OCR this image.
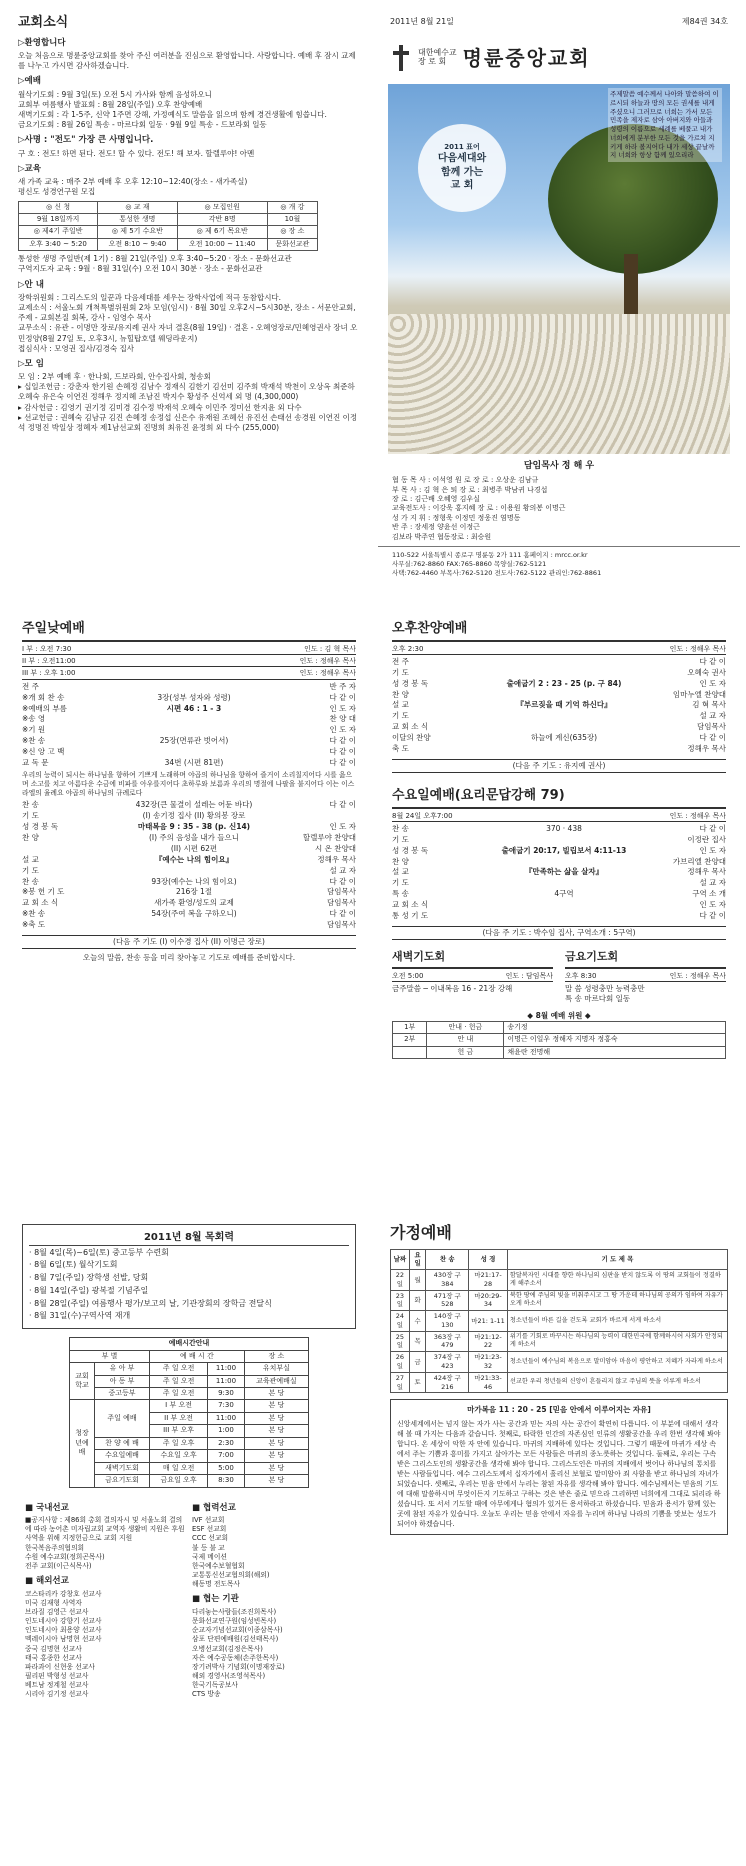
교회소식
▷환영합니다
오늘 처음으로 명륜중앙교회를 찾아 주신 여러분을 진심으로 환영합니다. 사랑합니다. 예배 후 잠시 교제를 나누고 가시면 감사하겠습니다.
▷예배
월삭기도회 : 9월 3일(토) 오전 5시 가사와 함께 음성하오니
교회부 여름행사 발표회 : 8월 28일(주일) 오후 찬양예배
새벽기도회 : 각 1-5주, 신약 1주면 강해, 가정예식도 말씀을 읽으며 함께 경건생활에 힘씁니다.
금요기도회 : 8월 26일 특송 - 마르다회 일동 · 9월 9일 특송 - 드보라회 일동
▷사명 : "전도" 가장 큰 사명입니다.
구 호 : 전도! 하면 된다. 전도! 할 수 있다. 전도! 해 보자. 할렐루야! 아멘
▷교육
새 가족 교육 : 매주 2부 예배 후 오후 12:10~12:40(장소 - 새가족실)
평신도 성경연구원 모집
◎ 신 청	◎ 교 재	◎ 모집인원	◎ 개 강
9월 18일까지	통성한 생명	각반 8명	10월
◎ 제4기 주일반	◎ 제 5기 수요반	◎ 제 6기 목요반	◎ 장 소
오후 3:40 ~ 5:20	오전 8:10 ~ 9:40	오전 10:00 ~ 11:40	문화선교관
통성한 생명 주일반(제 1기) : 8월 21일(주일) 오후 3:40~5:20 · 장소 - 문화선교관
구역지도자 교육 : 9월 · 8월 31일(수) 오전 10시 30분 · 장소 - 문화선교관
▷안 내
장학위원회 : 그리스도의 일꾼과 다음세대를 세우는 장학사업에 적극 동참합시다.
교제소식 : 서울노회 개척특별위원회 2차 모임(임시) · 8월 30일 오후2시~5시30분, 장소 - 서문안교회, 주제 - 교회본질 회복, 강사 - 임영수 목사
교무소식 : 유관 - 이명만 장로/유지례 권사 자녀 결혼(8월 19일) · 결혼 - 오혜영장로/민혜영권사 장녀 오민정양(8월 27일 토, 오후3시, 뉴힐탑호텔 웨딩라운지)
접심식사 : 모영권 집사/김경숙 집사
▷모 임
모 임 : 2부 예배 후 · 한나회, 드보라회, 안수집사회, 청송회
▸ 십일조헌금 : 강춘자 한기원 손혜정 김남수 정재식 김한기 김선미 김주희 박재석 박천이 오상옥 최준하 오혜숙 유은숙 이연진 정해우 정지혜 조남진 박지수 황성주 신억세 외 명 (4,300,000)
▸ 감사헌금 : 김영기 권기정 김미경 김수정 박재석 오혜숙 이민주 정미선 한지윤 외 다수
▸ 선교헌금 : 권혜숙 김남규 김진 손혜정 송정섭 신은수 유재원 조혜선 유진선 손태선 송경원 이연진 이정석 정명진 박일상 정혜자 제1남선교회 진명희 최유진 윤정희 외 다수 (255,000)
2011년 8월 21일	제84권 34호
대한예수교
장 로 회 명륜중앙교회
2011 표어
다음세대와
함께 가는
교 회
주제말씀 예수께서 나아와 말씀하여 이르시되 하늘과 땅의 모든 권세를 내게 주셨으니 그러므로 너희는 가서 모든 민족을 제자로 삼아 아버지와 아들과 성령의 이름으로 세례를 베풀고 내가 너희에게 분부한 모든 것을 가르쳐 지키게 하라 볼지어다 내가 세상 끝날까지 너희와 항상 함께 있으리라
담임목사 정 해 우
협 동 목 사 : 이석영 원 로 장 로 : 오상운 김남규
부 목 사 : 김 혁 은 퇴 장 로 : 최병주 박남귀 나경섭
장 로 : 김근배 오혜영 김우실
교육전도사 : 이강욱 홍지혜 장 로 : 이용원 황의봉 이명근
성 가 지 휘 : 정형욱 이정민 정웅진 염명동
반 주 : 장세정 양윤선 이정근
김보라 박주연 협동장로 : 최승원
110-522 서울특별시 종로구 명륜동 2가 111 홈페이지 : mrcc.or.kr
사무실:762-8860 FAX:765-8860 목양실:762-5121
사택:762-4460 부목사:762-5120 전도사:762-5122 관리인:762-8861
주일낮예배
I 부 : 오전 7:30	인도 : 김 혁 목사
II 부 : 오전11:00	인도 : 정해우 목사
III 부 : 오후 1:00	인도 : 정해우 목사
전 주	반 주 자
※개 회 찬 송	3장(성부 성자와 성령)	다 같 이
※예배의 부름	시편 46 : 1 - 3	인 도 자
※송 영	찬 양 대
※기 원	인 도 자
※찬 송	25장(면류관 벗어서)	다 같 이
※신 앙 고 백	다 같 이
교 독 문	34번 (시편 81편)	다 같 이
우리의 능력이 되시는 하나님을 향하여 기쁘게 노래하며 야곱의 하나님을 향하여 즐거이 소리칠지어다 시를 읊으며 소고를 치고 아름다운 수금에 비파를 아우를지어다 초하루와 보름과 우리의 명절에 나팔을 불지어다 이는 이스라엘의 율례요 야곱의 하나님의 규례로다
찬 송	432장(큰 물결이 설레는 어둔 바다)	다 같 이
기 도	(I) 송기정 집사 (II) 황의봉 장로
성 경 봉 독	마태복음 9 : 35 - 38 (p. 신14)	인 도 자
찬 양	(I) 주의 음성을 내가 들으니	할렐루야 찬양대
(II) 시편 62편	시 온 찬양대
설 교	『예수는 나의 힘이요』	정해우 목사
기 도	설 교 자
찬 송	93장(예수는 나의 힘이요)	다 같 이
※봉 헌 기 도	216장 1절	담임목사
교 회 소 식	새가족 환영/성도의 교제	담임목사
※찬 송	54장(주여 복을 구하오니)	다 같 이
※축 도	담임목사
(다음 주 기도 (I) 이수경 집사 (II) 이명근 장로)
오늘의 말씀, 찬송 등을 미리 찾아놓고 기도로 예배를 준비합시다.
오후찬양예배
오후 2:30	인도 : 정해우 목사
전 주	다 같 이
기 도	오혜숙 권사
성 경 봉 독	출애굽기 2 : 23 - 25 (p. 구 84)	인 도 자
찬 양	임마누엘 찬양대
설 교	『부르짖을 때 기억 하신다』	김 혁 목사
기 도	설 교 자
교 회 소 식	담임목사
이달의 찬양	하늘에 계신(635장)	다 같 이
축 도	정해우 목사
(다음 주 기도 : 유지예 권사)
수요일예배(요리문답강해 79)
8월 24일 오후7:00	인도 : 정해우 목사
찬 송	370 · 438	다 같 이
기 도	이정란 집사
성 경 봉 독	출애굽기 20:17, 빌립보서 4:11-13	인 도 자
찬 양	가브리엘 찬양대
설 교	『만족하는 삶을 살자』	정해우 목사
기 도	설 교 자
특 송	4구역	구역 소 개
교 회 소 식	인 도 자
통 성 기 도	다 같 이
(다음 주 기도 : 박수임 집사, 구역소개 : 5구역)
새벽기도회
오전 5:00	인도 : 담임목사
금주말씀 ─ 이내복음 16 - 21장 강해
금요기도회
오후 8:30	인도 : 정해우 목사
말 씀 성령충만 능력충만
특 송 마르다회 일동
◆ 8월 예배 위원 ◆
1부	안내 · 헌금	송기정
2부	안 내	이명근 이일우 정해자 지명자 정홍숙
	헌 금	채윤란 전명해
2011년 8월 목회력
· 8월 4일(목)~6일(토) 중고등부 수련회
· 8월 6일(토) 월삭기도회
· 8월 7일(주일) 장학생 선발, 당회
· 8월 14일(주일) 광복절 기념주일
· 8월 28일(주일) 여름행사 평가/보고의 날, 기관장회의 장학금 전달식
· 8월 31일(수)구역사역 재개
예배시간안내				
부 별		예 배 시 간		장 소
교회학교	유 아 부	주 일 오전	11:00	유치부실
	아 동 부	주 일 오전	11:00	교육관예배실
	중고등부	주 일 오전	9:30	본 당
청장년예배	주일 예배	I 부 오전	7:30	본 당
		II 부 오전	11:00	본 당
		III 부 오후	1:00	본 당
	찬 양 예 배	주 일 오후	2:30	본 당
	수요일예배	수요일 오후	7:00	본 당
	새벽기도회	매 일 오전	5:00	본 당
	금요기도회	금요일 오후	8:30	본 당
■ 국내선교
■공지사항 : 제86회 총회 결의자시 및 서울노회 결의에 따라 농어촌 미자립교회 교역자 생활비 지원은 후원 사역을 위해 지정헌금으로 교회 지원
한국복음주의협의회
수원 예수교회(정희곤목사)
전주 교회(이근식목사)
■ 해외선교
코스타리카 강창호 선교사
미국 김재형 사역자
브라질 김영근 선교사
인도네시아 강향기 선교사
인도네시아 최용양 선교사
멕레이시아 남명현 선교사
중국 김명현 선교사
태국 홍종한 선교사
파라과이 신현웅 선교사
필리핀 박형성 선교사
베트남 정계철 선교사
시리아 김기정 선교사

■ 협력선교
IVF 선교회
ESF 선교회
CCC 선교회
불 등 불 교
국제 메이션
한국예수보혈협회
교통통신선교협의회(해외)
해동명 전도목사
■ 협는 기관
다리놓는사람들(조진희목사)
문화선교연구원(임성빈목사)
순교자기념선교회(이종삼목사)
삼포 단편예배원(김선태목사)
오병선교회(김정은목사)
자은 예수공동체(손주한목사)
장기려박사 기념회(이명재장로)
해외 경영사(조영석목사)
한국기독공보사
CTS 방송
가정예배
날짜	요일	찬 송	성 경	기 도 제 목
22일	월	430장 구 384	마21:17-28	함달복자인 시대를 향한 하나님의 심판을 받지 않도록 이 땅의 교회들이 정결하게 해주소서
23일	화	471장 구 528	마20:29-34	북한 땅에 주님의 빛을 비춰주시고 그 땅 가운데 하나님의 공의가 임하여 자유가 오게 하소서
24일	수	140장 구 130	마21: 1-11	청소년들이 바른 길을 걷도록 교회가 바르게 서게 하소서
25일	목	363장 구 479	마21:12-22	위기를 기회로 바꾸시는 하나님의 능력이 대한민국에 함께하시어 사회가 안정되게 하소서
26일	금	374장 구 423	마21:23-32	청소년들이 예수님의 복음으로 말미암아 마음이 평안하고 지혜가 자라게 하소서
27일	토	424장 구 216	마21:33-46	선교한 우리 청년들의 신앙이 흔들리지 않고 주님의 뜻을 이루게 하소서
마가복음 11 : 20 - 25 [믿음 안에서 이루어지는 자유]
신앙세계에서는 넘지 않는 자가 사는 공간과 믿는 자의 사는 공간이 확연히 다릅니다. 이 부분에 대해서 생각해 볼 때 가지는 다음과 같습니다. 첫째로, 타락한 인간의 자존심인 인류의 생활공간을 우리 한번 생각해 봐야 합니다. 온 세상이 악한 자 안에 있습니다. 마귀의 지배하에 있다는 것입니다. 그렇기 때문에 마귀가 세상 속에서 주는 기쁨과 흥미를 가지고 살아가는 모든 사람들은 마귀의 종노릇하는 것입니다. 둘째로, 우리는 구속받은 그리스도인의 생활공간을 생각해 봐야 합니다. 그리스도인은 마귀의 지배에서 벗어나 하나님의 통치를 받는 사람들입니다. 예수 그리스도께서 십자가에서 흘리신 보혈로 말미암아 죄 사함을 받고 하나님의 자녀가 되었습니다. 셋째로, 우리는 믿음 안에서 누리는 참된 자유를 생각해 봐야 합니다. 예수님께서는 믿음의 기도에 대해 말씀하시며 무엇이든지 기도하고 구하는 것은 받은 줄로 믿으라 그리하면 너희에게 그대로 되리라 하셨습니다. 또 서서 기도할 때에 아무에게나 혐의가 있거든 용서하라고 하셨습니다. 믿음과 용서가 함께 있는 곳에 참된 자유가 있습니다. 오늘도 우리는 믿음 안에서 자유를 누리며 하나님 나라의 기쁨을 맛보는 성도가 되어야 하겠습니다.
